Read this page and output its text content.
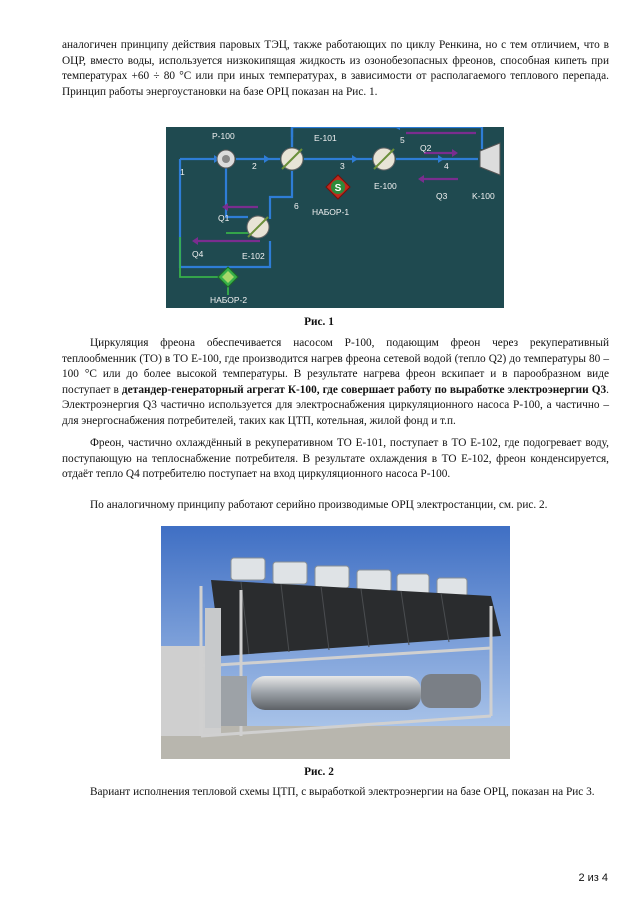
аналогичен принципу действия паровых ТЭЦ, также работающих по циклу Ренкина, но с тем отличием, что в ОЦР, вместо воды, используется низкокипящая жидкость из озонобезопасных фреонов, способная кипеть при температурах +60 ÷ 80 °С или при иных температурах, в зависимости от располагаемого теплового перепада. Принцип работы энергоустановки на базе ОРЦ показан на Рис. 1.

S
P-100	E-101
E-100
E-102
K-100
НАБОР-1
НАБОР-2
Q1
Q2
Q3
Q4
1
2	3	4
5
6
Рис. 1

Циркуляция фреона обеспечивается насосом Р-100, подающим фреон через рекуперативный теплообменник (ТО) в ТО Е-100, где производится нагрев фреона сетевой водой (тепло Q2) до температуры 80 – 100 °С или до более высокой температуры. В результате нагрева фреон вскипает и в парообразном виде поступает в детандер-генераторный агрегат К-100, где совершает работу по выработке электроэнергии Q3. Электроэнергия Q3 частично используется для электроснабжения циркуляционного насоса Р-100, а частично – для энергоснабжения потребителей, таких как ЦТП, котельная, жилой фонд и т.п.

Фреон, частично охлаждённый в рекуперативном ТО Е-101, поступает в ТО Е-102, где подогревает воду, поступающую на теплоснабжение потребителя. В результате охлаждения в ТО Е-102, фреон конденсируется, отдаёт тепло Q4 потребителю поступает на вход циркуляционного насоса Р-100.

По аналогичному принципу работают серийно производимые ОРЦ электростанции, см. рис. 2.

Рис. 2

Вариант исполнения тепловой схемы ЦТП, с выработкой электроэнергии на базе ОРЦ, показан на Рис 3.

2 из 4
